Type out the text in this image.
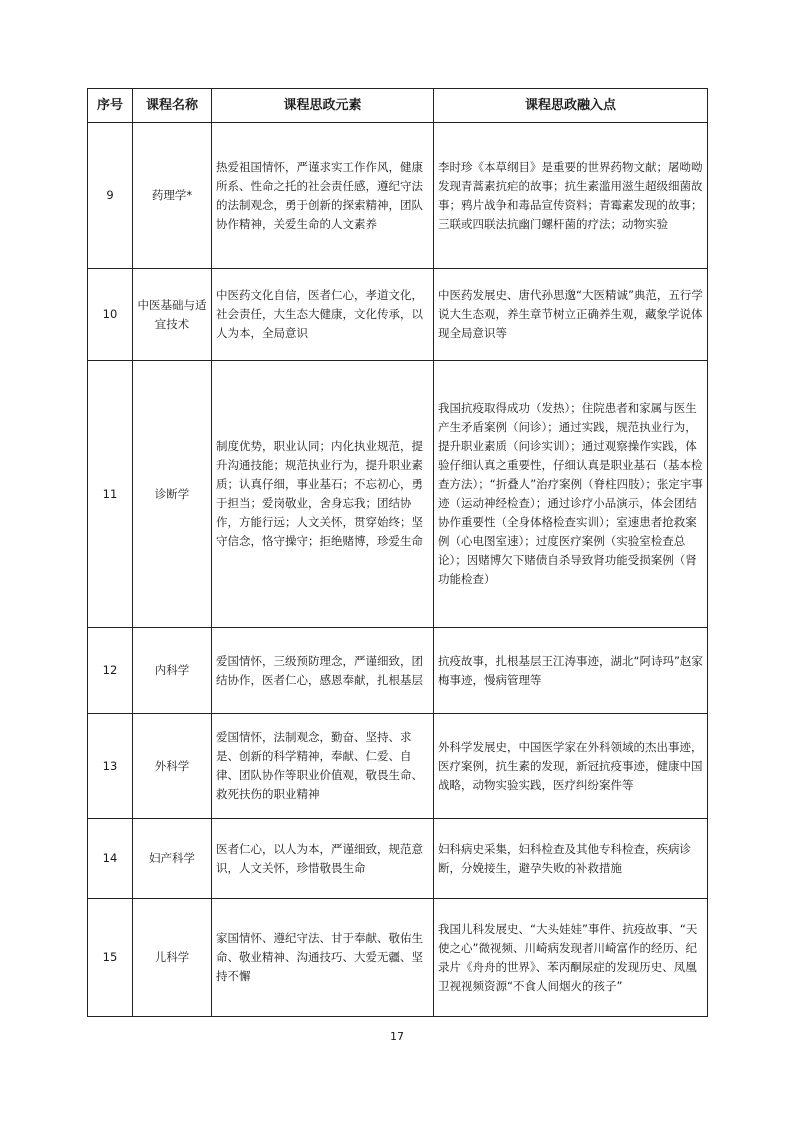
序号	课程名称	课程思政元素	课程思政融入点
9	药理学*	热爱祖国情怀，严谨求实工作作风，健康所系、性命之托的社会责任感，遵纪守法的法制观念，勇于创新的探索精神，团队协作精神，关爱生命的人文素养	李时珍《本草纲目》是重要的世界药物文献；屠呦呦发现青蒿素抗疟的故事；抗生素滥用滋生超级细菌故事；鸦片战争和毒品宣传资料；青霉素发现的故事；三联或四联法抗幽门螺杆菌的疗法；动物实验
10	中医基础与适宜技术	中医药文化自信，医者仁心，孝道文化，社会责任，大生态大健康，文化传承，以人为本，全局意识	中医药发展史、唐代孙思邈“大医精诚”典范，五行学说大生态观，养生章节树立正确养生观，藏象学说体现全局意识等
11	诊断学	制度优势，职业认同；内化执业规范，提升沟通技能；规范执业行为，提升职业素质；认真仔细，事业基石；不忘初心，勇于担当；爱岗敬业，舍身忘我；团结协作，方能行远；人文关怀，贯穿始终；坚守信念，恪守操守；拒绝赌博，珍爱生命	我国抗疫取得成功（发热）；住院患者和家属与医生产生矛盾案例（问诊）；通过实践，规范执业行为，提升职业素质（问诊实训）；通过观察操作实践，体验仔细认真之重要性，仔细认真是职业基石（基本检查方法）；“折叠人”治疗案例（脊柱四肢）；张定宇事迹（运动神经检查）；通过诊疗小品演示，体会团结协作重要性（全身体格检查实训）；室速患者抢救案例（心电图室速）；过度医疗案例（实验室检查总论）；因赌博欠下赌债自杀导致肾功能受损案例（肾功能检查）
12	内科学	爱国情怀，三级预防理念，严谨细致，团结协作，医者仁心，感恩奉献，扎根基层	抗疫故事，扎根基层王江涛事迹，湖北“阿诗玛”赵家梅事迹，慢病管理等
13	外科学	爱国情怀，法制观念，勤奋、坚持、求是、创新的科学精神，奉献、仁爱、自律、团队协作等职业价值观，敬畏生命、救死扶伤的职业精神	外科学发展史，中国医学家在外科领域的杰出事迹，医疗案例，抗生素的发现，新冠抗疫事迹，健康中国战略，动物实验实践，医疗纠纷案件等
14	妇产科学	医者仁心，以人为本，严谨细致，规范意识，人文关怀，珍惜敬畏生命	妇科病史采集，妇科检查及其他专科检查，疾病诊断，分娩接生，避孕失败的补救措施
15	儿科学	家国情怀、遵纪守法、甘于奉献、敬佑生命、敬业精神、沟通技巧、大爱无疆、坚持不懈	我国儿科发展史、“大头娃娃”事件、抗疫故事、“天使之心”微视频、川崎病发现者川崎富作的经历、纪录片《舟舟的世界》、苯丙酮尿症的发现历史、凤凰卫视视频资源“不食人间烟火的孩子”
17
